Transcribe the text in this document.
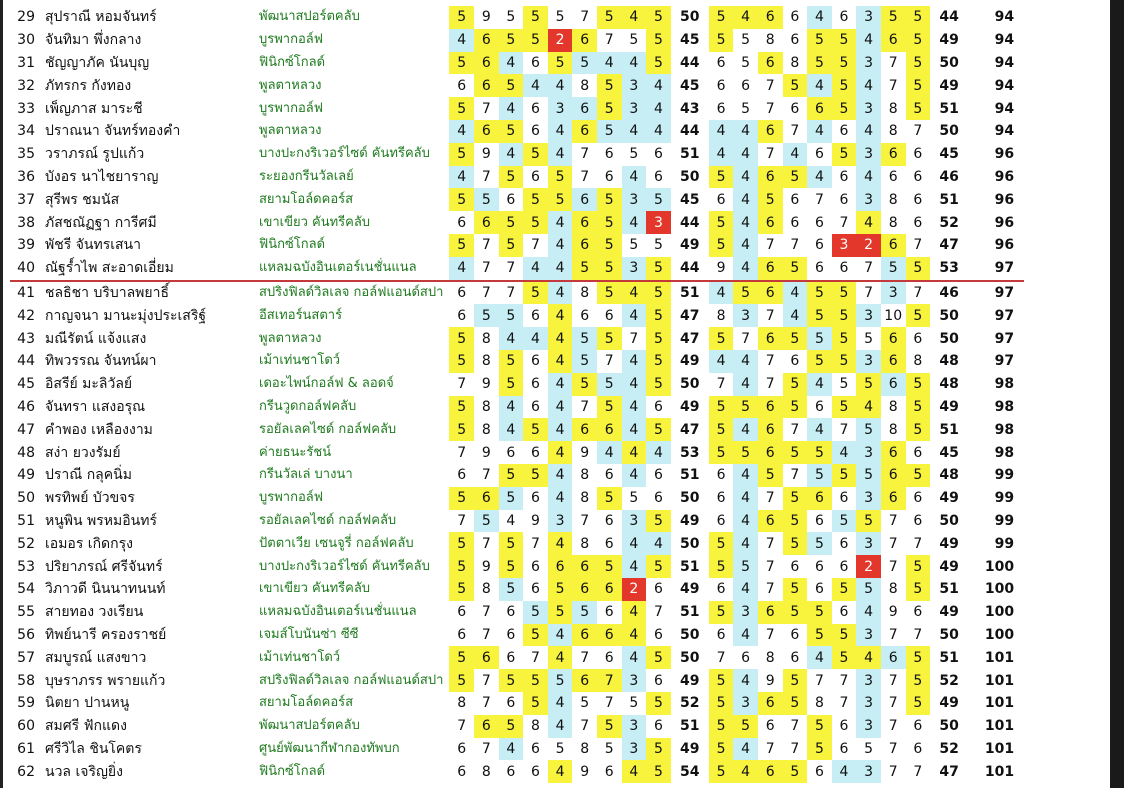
29	สุปราณี หอมจันทร์	พัฒนาสปอร์ตคลับ	5	9	5	5	5	7	5	4	5	50	5	4	6	6	4	6	3	5	5	44	94
30	จันทิมา พึ่งกลาง	บูรพากอล์ฟ	4	6	5	5	2	6	7	5	5	45	5	5	8	6	5	5	4	6	5	49	94
31	ชัญญาภัค นันบุญ	ฟินิกซ์โกลด์	5	6	4	6	5	5	4	4	5	44	6	5	6	8	5	5	3	7	5	50	94
32	ภัทรกร กังทอง	พูลตาหลวง	6	6	5	4	4	8	5	3	4	45	6	6	7	5	4	5	4	7	5	49	94
33	เพ็ญภาส มาระชี	บูรพากอล์ฟ	5	7	4	6	3	6	5	3	4	43	6	5	7	6	6	5	3	8	5	51	94
34	ปราณนา จันทร์ทองคำ	พูลตาหลวง	4	6	5	6	4	6	5	4	4	44	4	4	6	7	4	6	4	8	7	50	94
35	วราภรณ์ รูปแก้ว	บางปะกงริเวอร์ไซด์ คันทรีคลับ	5	9	4	5	4	7	6	5	6	51	4	4	7	4	6	5	3	6	6	45	96
36	บังอร นาไชยาราญ	ระยองกรีนวัลเลย์	4	7	5	6	5	7	6	4	6	50	5	4	6	5	4	6	4	6	6	46	96
37	สุรีพร ชมนัส	สยามโอล์ดคอร์ส	5	5	6	5	5	6	5	3	5	45	6	4	5	6	7	6	3	8	6	51	96
38	ภัสชณัฏฐา การีศมี	เขาเขียว คันทรีคลับ	6	6	5	5	4	6	5	4	3	44	5	4	6	6	6	7	4	8	6	52	96
39	พัชรี จันทรเสนา	ฟินิกซ์โกลด์	5	7	5	7	4	6	5	5	5	49	5	4	7	7	6	3	2	6	7	47	96
40	ณัฐร์ำไพ สะอาดเอี่ยม	แหลมฉบังอินเตอร์เนชั่นแนล	4	7	7	4	4	5	5	3	5	44	9	4	6	5	6	6	7	5	5	53	97
41	ชลธิชา บริบาลพยาธิ์	สปริงฟิลด์วิลเลจ กอล์ฟแอนด์สปา	6	7	7	5	4	8	5	4	5	51	4	5	6	4	5	5	7	3	7	46	97
42	กาญจนา มานะมุ่งประเสริฐ์	อีสเทอร์นสตาร์	6	5	5	6	4	6	6	4	5	47	8	3	7	4	5	5	3	10	5	50	97
43	มณีรัตน์ แจ้งแสง	พูลตาหลวง	5	8	4	4	4	5	5	7	5	47	5	7	6	5	5	5	5	6	6	50	97
44	ทิพวรรณ จันทน์ผา	เม้าเท่นชาโดว์	5	8	5	6	4	5	7	4	5	49	4	4	7	6	5	5	3	6	8	48	97
45	อิสรีย์ มะลิวัลย์	เดอะไพน์กอล์ฟ & ลอดจ์	7	9	5	6	4	5	5	4	5	50	7	4	7	5	4	5	5	6	5	48	98
46	จันทรา แสงอรุณ	กรีนวูดกอล์ฟคลับ	5	8	4	6	4	7	5	4	6	49	5	5	6	5	6	5	4	8	5	49	98
47	คำพอง เหลืองงาม	รอยัลเลคไซด์ กอล์ฟคลับ	5	8	4	5	4	6	6	4	5	47	5	4	6	7	4	7	5	8	5	51	98
48	สง่า ยวงรัมย์	ค่ายธนะรัชน์	7	9	6	6	4	9	4	4	4	53	5	5	6	5	5	4	3	6	6	45	98
49	ปราณี กลุคนิ่ม	กรีนวัลเล่ บางนา	6	7	5	5	4	8	6	4	6	51	6	4	5	7	5	5	5	6	5	48	99
50	พรทิพย์ บัวขจร	บูรพากอล์ฟ	5	6	5	6	4	8	5	5	6	50	6	4	7	5	6	6	3	6	6	49	99
51	หนูพิน พรหมอินทร์	รอยัลเลคไซด์ กอล์ฟคลับ	7	5	4	9	3	7	6	3	5	49	6	4	6	5	6	5	5	7	6	50	99
52	เอมอร เกิดกรุง	ปัตตาเวีย เซนจูรี่ กอล์ฟคลับ	5	7	5	7	4	8	6	4	4	50	5	4	7	5	5	6	3	7	7	49	99
53	ปริยาภรณ์ ศรีจันทร์	บางปะกงริเวอร์ไซด์ คันทรีคลับ	5	9	5	6	6	6	5	4	5	51	5	5	7	6	6	6	2	7	5	49	100
54	วิภาวดี นินนาทนนท์	เขาเขียว คันทรีคลับ	5	8	5	6	5	6	6	2	6	49	6	4	7	5	6	5	5	8	5	51	100
55	สายทอง วงเรียน	แหลมฉบังอินเตอร์เนชั่นแนล	6	7	6	5	5	5	6	4	7	51	5	3	6	5	5	6	4	9	6	49	100
56	ทิพย์นารี ครองราชย์	เจมส์โบนันซ่า ซีซี	6	7	6	5	4	6	6	4	6	50	6	4	7	6	5	5	3	7	7	50	100
57	สมบูรณ์ แสงขาว	เม้าเท่นชาโดว์	5	6	6	7	4	7	6	4	5	50	7	6	8	6	4	5	4	6	5	51	101
58	บุษราภรร พรายแก้ว	สปริงฟิลด์วิลเลจ กอล์ฟแอนด์สปา	5	7	5	5	5	6	7	3	6	49	5	4	9	5	7	7	3	7	5	52	101
59	นิตยา ปานหนู	สยามโอล์ดคอร์ส	8	7	6	5	4	5	7	5	5	52	5	3	6	5	8	7	3	7	5	49	101
60	สมศรี ฟักแดง	พัฒนาสปอร์ตคลับ	7	6	5	8	4	7	5	3	6	51	5	5	6	7	5	6	3	7	6	50	101
61	ศรีวิไล ชินโคตร	ศูนย์พัฒนากีฬากองทัพบก	6	7	4	6	5	8	5	3	5	49	5	4	7	7	5	6	5	7	6	52	101
62	นวล เจริญยิ่ง	ฟินิกซ์โกลด์	6	8	6	6	4	9	6	4	5	54	5	4	6	5	6	4	3	7	7	47	101
